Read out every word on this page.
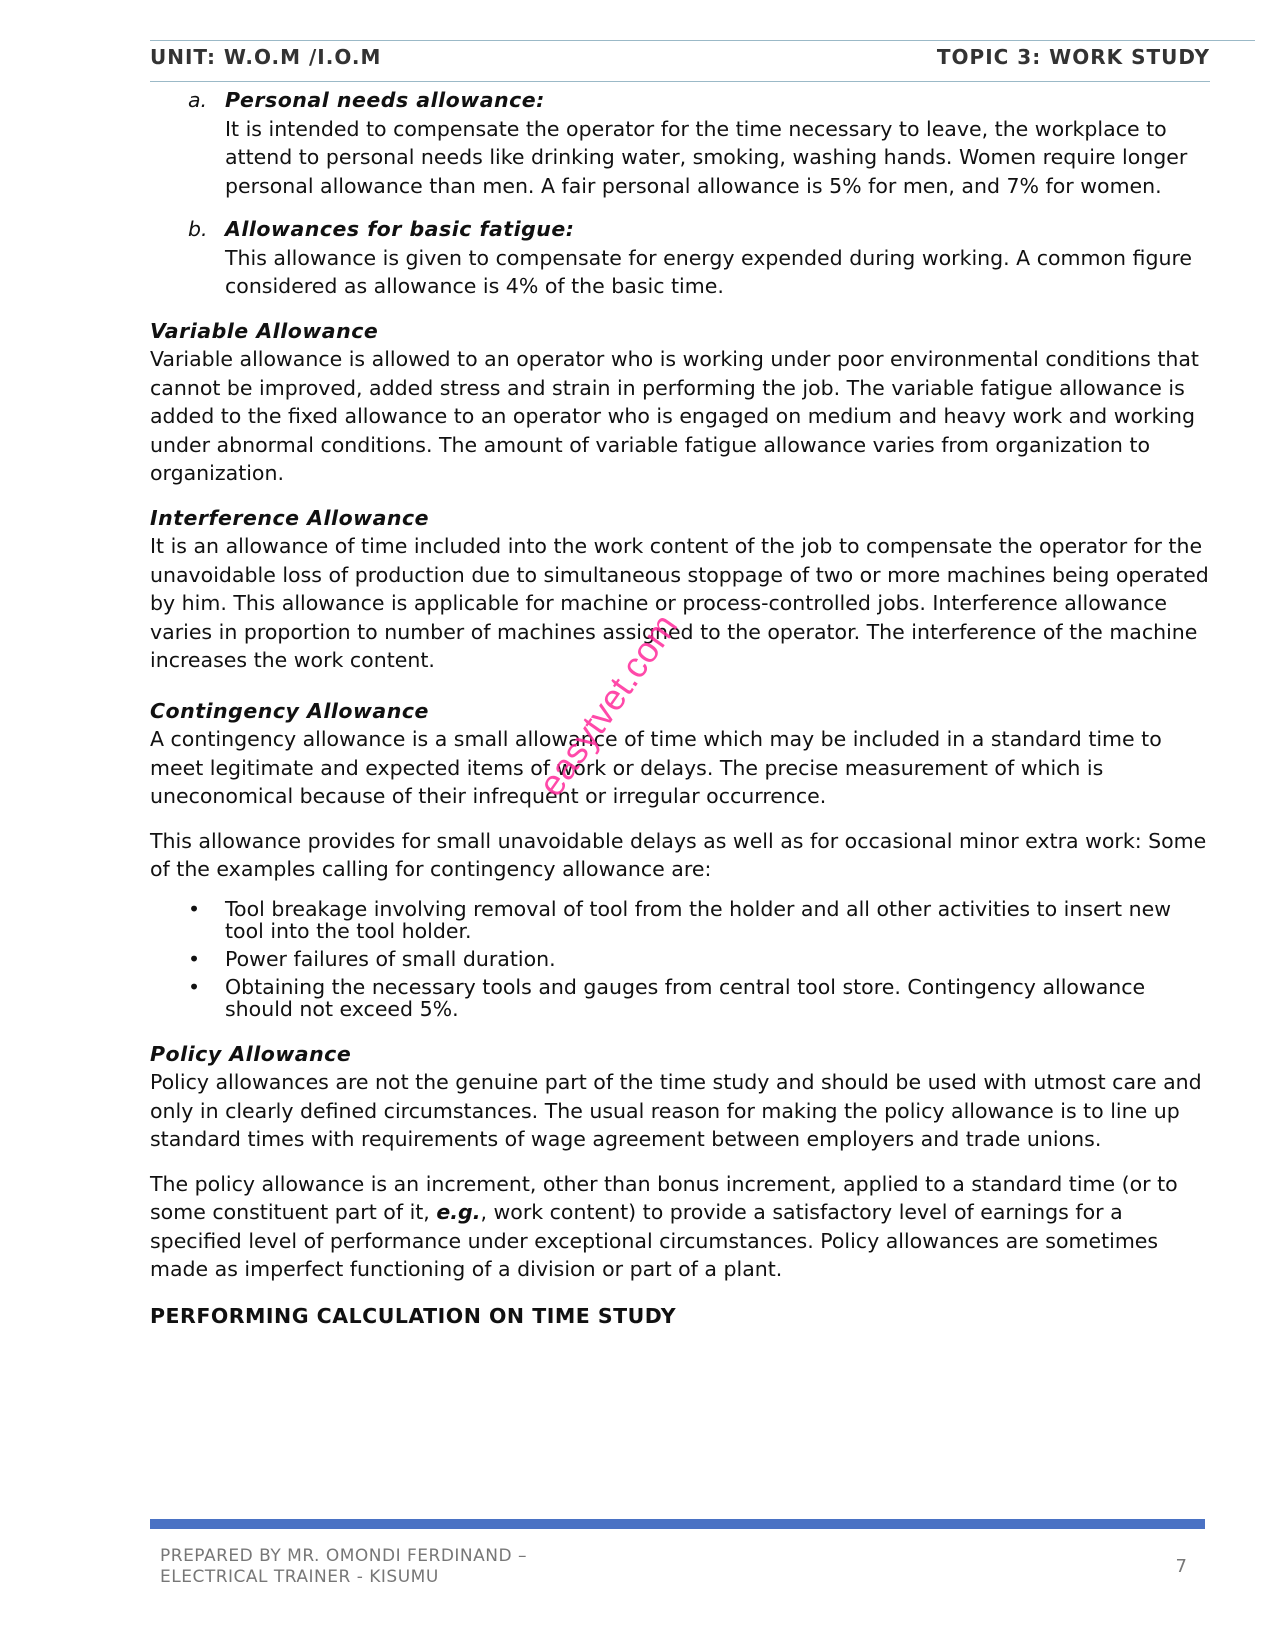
UNIT: W.O.M /I.O.M	TOPIC 3: WORK STUDY
a. Personal needs allowance:

It is intended to compensate the operator for the time necessary to leave, the workplace to attend to personal needs like drinking water, smoking, washing hands. Women require longer personal allowance than men. A fair personal allowance is 5% for men, and 7% for women.

b. Allowances for basic fatigue:

This allowance is given to compensate for energy expended during working. A common figure considered as allowance is 4% of the basic time.

Variable Allowance

Variable allowance is allowed to an operator who is working under poor environmental conditions that cannot be improved, added stress and strain in performing the job. The variable fatigue allowance is added to the fixed allowance to an operator who is engaged on medium and heavy work and working under abnormal conditions. The amount of variable fatigue allowance varies from organization to organization.

Interference Allowance

It is an allowance of time included into the work content of the job to compensate the operator for the unavoidable loss of production due to simultaneous stoppage of two or more machines being operated by him. This allowance is applicable for machine or process-controlled jobs. Interference allowance varies in proportion to number of machines assigned to the operator. The interference of the machine increases the work content.

Contingency Allowance

A contingency allowance is a small allowance of time which may be included in a standard time to meet legitimate and expected items of work or delays. The precise measurement of which is uneconomical because of their infrequent or irregular occurrence.

This allowance provides for small unavoidable delays as well as for occasional minor extra work: Some of the examples calling for contingency allowance are:

• Tool breakage involving removal of tool from the holder and all other activities to insert new tool into the tool holder.
• Power failures of small duration.
• Obtaining the necessary tools and gauges from central tool store. Contingency allowance should not exceed 5%.
Policy Allowance

Policy allowances are not the genuine part of the time study and should be used with utmost care and only in clearly defined circumstances. The usual reason for making the policy allowance is to line up standard times with requirements of wage agreement between employers and trade unions.

The policy allowance is an increment, other than bonus increment, applied to a standard time (or to some constituent part of it, e.g., work content) to provide a satisfactory level of earnings for a specified level of performance under exceptional circumstances. Policy allowances are sometimes made as imperfect functioning of a division or part of a plant.

PERFORMING CALCULATION ON TIME STUDY
easytvet.com
PREPARED BY MR. OMONDI FERDINAND –
ELECTRICAL TRAINER - KISUMU	7
